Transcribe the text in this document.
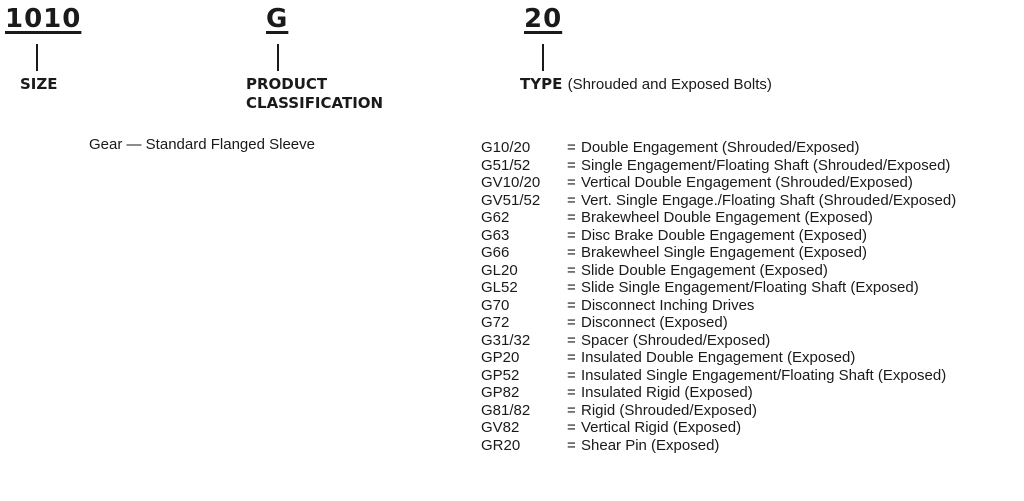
1010	G	20
SIZE	PRODUCT
CLASSIFICATION
TYPE (Shrouded and Exposed Bolts)
Gear — Standard Flanged Sleeve	G10/20	= Double Engagement (Shrouded/Exposed)
G51/52	= Single Engagement/Floating Shaft (Shrouded/Exposed)
GV10/20	= Vertical Double Engagement (Shrouded/Exposed)
GV51/52	= Vert. Single Engage./Floating Shaft (Shrouded/Exposed)
G62	= Brakewheel Double Engagement (Exposed)
G63	= Disc Brake Double Engagement (Exposed)
G66	= Brakewheel Single Engagement (Exposed)
GL20	= Slide Double Engagement (Exposed)
GL52	= Slide Single Engagement/Floating Shaft (Exposed)
G70	= Disconnect Inching Drives
G72	= Disconnect (Exposed)
G31/32	= Spacer (Shrouded/Exposed)
GP20	= Insulated Double Engagement (Exposed)
GP52	= Insulated Single Engagement/Floating Shaft (Exposed)
GP82	= Insulated Rigid (Exposed)
G81/82	= Rigid (Shrouded/Exposed)
GV82	= Vertical Rigid (Exposed)
GR20	= Shear Pin (Exposed)
